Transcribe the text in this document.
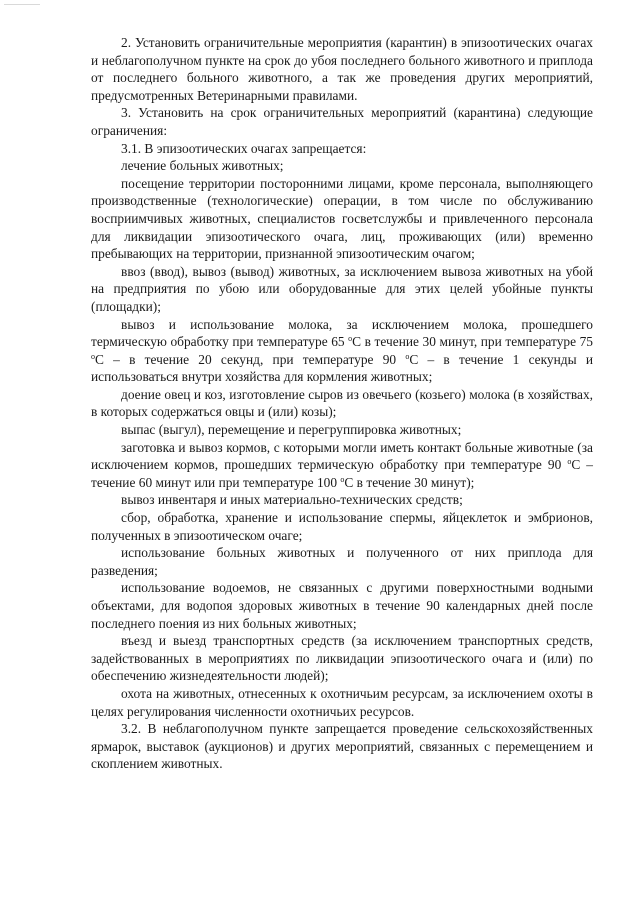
2. Установить ограничительные мероприятия (карантин) в эпизоотических очагах и неблагополучном пункте на срок до убоя последнего больного животного и приплода от последнего больного животного, а так же проведения других мероприятий, предусмотренных Ветеринарными правилами.

3. Установить на срок ограничительных мероприятий (карантина) следующие ограничения:

3.1. В эпизоотических очагах запрещается:

лечение больных животных;

посещение территории посторонними лицами, кроме персонала, выполняющего производственные (технологические) операции, в том числе по обслуживанию восприимчивых животных, специалистов госветслужбы и привлеченного персонала для ликвидации эпизоотического очага, лиц, проживающих (или) временно пребывающих на территории, признанной эпизоотическим очагом;

ввоз (ввод), вывоз (вывод) животных, за исключением вывоза животных на убой на предприятия по убою или оборудованные для этих целей убойные пункты (площадки);

вывоз и использование молока, за исключением молока, прошедшего термическую обработку при температуре 65 $^o$С в течение 30 минут, при температуре 75 $^o$С – в течение 20 секунд, при температуре 90 $^o$С – в течение 1 секунды и использоваться внутри хозяйства для кормления животных;

доение овец и коз, изготовление сыров из овечьего (козьего) молока (в хозяйствах, в которых содержаться овцы и (или) козы);

выпас (выгул), перемещение и перегруппировка животных;

заготовка и вывоз кормов, с которыми могли иметь контакт больные животные (за исключением кормов, прошедших термическую обработку при температуре 90 $^o$С – течение 60 минут или при температуре 100 $^o$С в течение 30 минут);

вывоз инвентаря и иных материально-технических средств;

сбор, обработка, хранение и использование спермы, яйцеклеток и эмбрионов, полученных в эпизоотическом очаге;

использование больных животных и полученного от них приплода для разведения;

использование водоемов, не связанных с другими поверхностными водными объектами, для водопоя здоровых животных в течение 90 календарных дней после последнего поения из них больных животных;

въезд и выезд транспортных средств (за исключением транспортных средств, задействованных в мероприятиях по ликвидации эпизоотического очага и (или) по обеспечению жизнедеятельности людей);

охота на животных, отнесенных к охотничьим ресурсам, за исключением охоты в целях регулирования численности охотничьих ресурсов.

3.2. В неблагополучном пункте запрещается проведение сельскохозяйственных ярмарок, выставок (аукционов) и других мероприятий, связанных с перемещением и скоплением животных.
